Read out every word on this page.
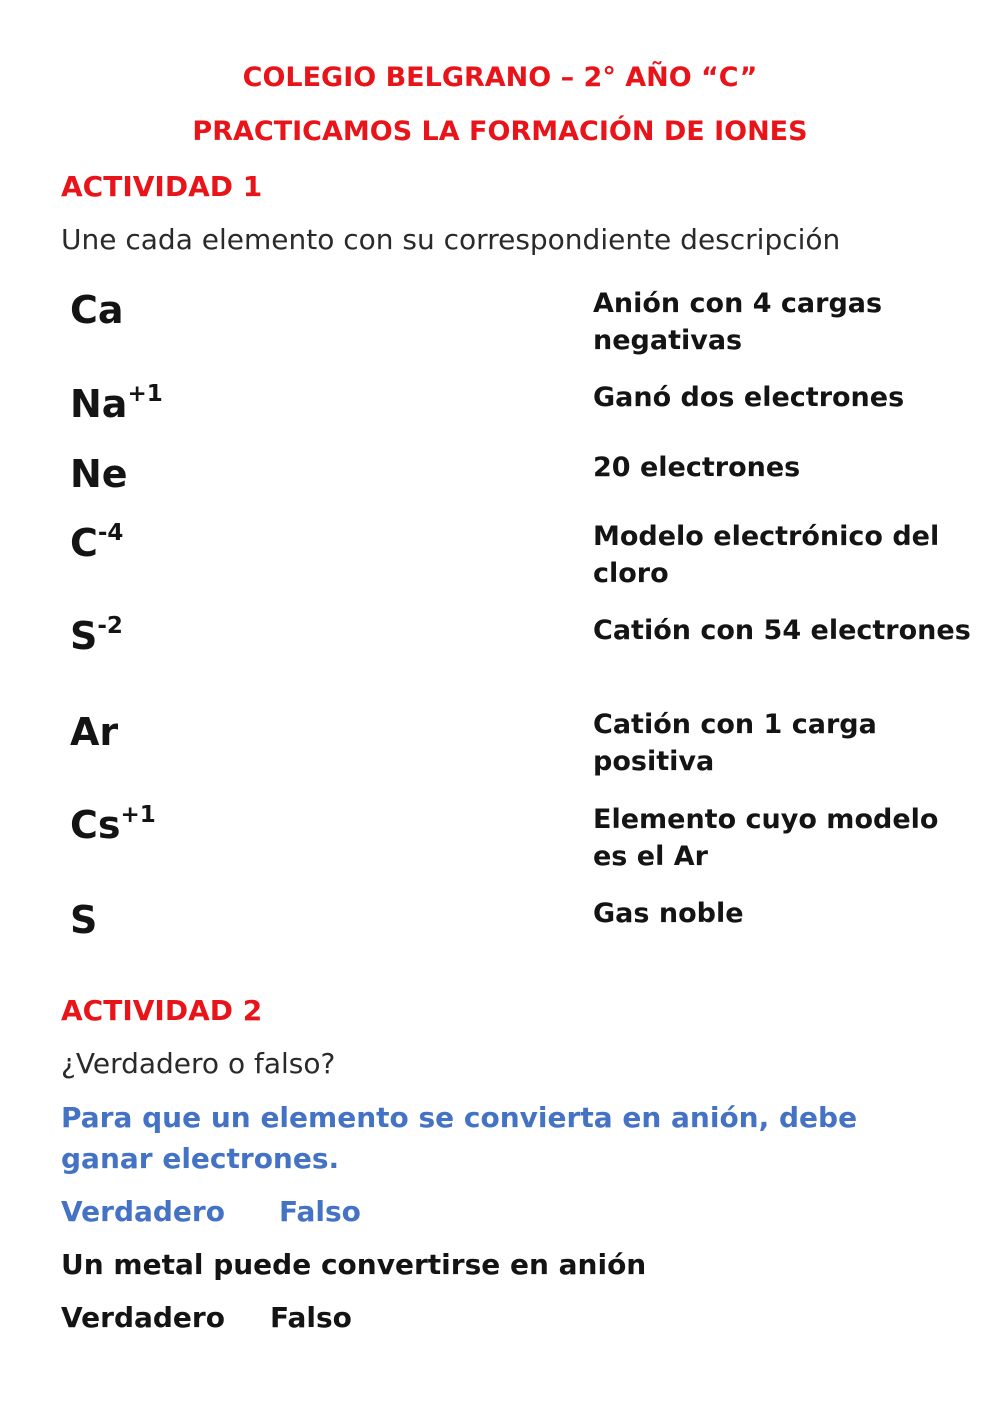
COLEGIO BELGRANO – 2° AÑO “C”
PRACTICAMOS LA FORMACIÓN DE IONES
ACTIVIDAD 1
Une cada elemento con su correspondiente descripción
Ca
$Na^{+1}$
Ne
$C^{-4}$
$S^{-2}$
Ar
$Cs^{+1}$
S
Anión con 4 cargas negativas
Ganó dos electrones
20 electrones
Modelo electrónico del cloro
Catión con 54 electrones
Catión con 1 carga positiva
Elemento cuyo modelo es el Ar
Gas noble
ACTIVIDAD 2
¿Verdadero o falso?
Para que un elemento se convierta en anión, debe ganar electrones.
Verdadero Falso
Un metal puede convertirse en anión
Verdadero Falso
